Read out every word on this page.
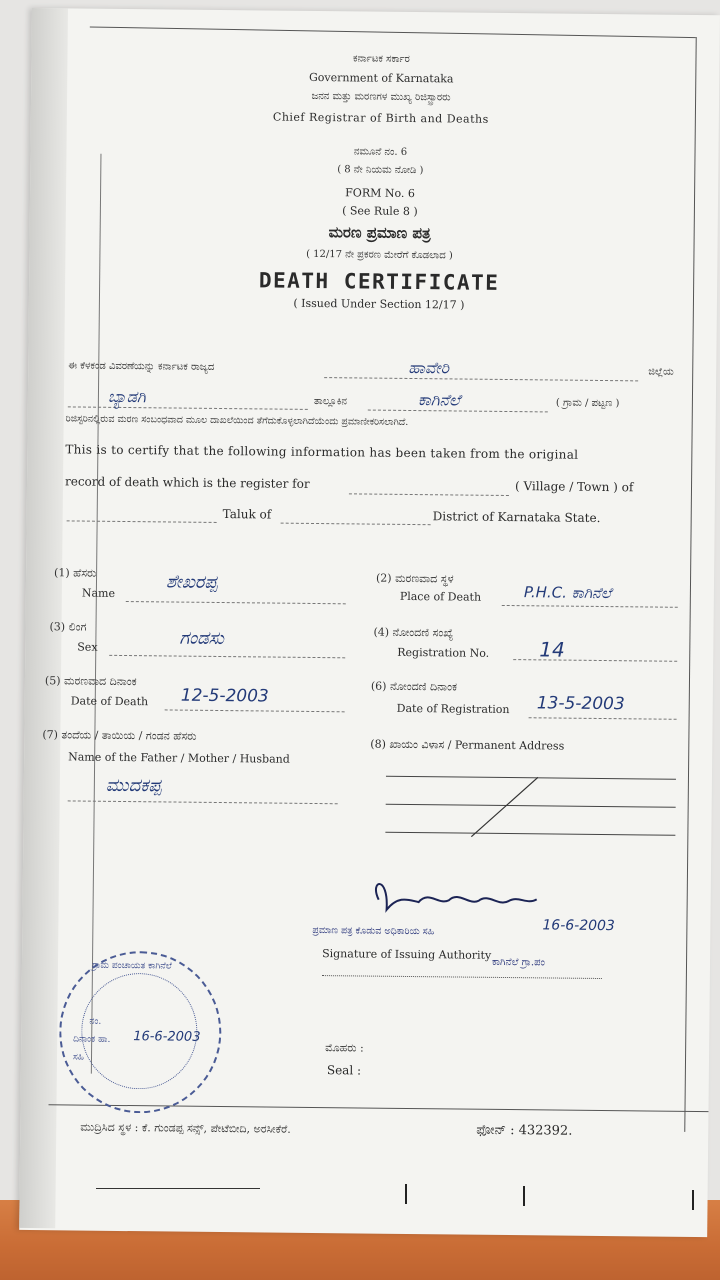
ಕರ್ನಾಟಕ ಸರ್ಕಾರ
Government of Karnataka
ಜನನ ಮತ್ತು ಮರಣಗಳ ಮುಖ್ಯ ರಿಜಿಸ್ಟ್ರಾರರು
Chief Registrar of Birth and Deaths
ನಮೂನೆ ನಂ. 6
( 8 ನೇ ನಿಯಮ ನೋಡಿ )
FORM No. 6
( See Rule 8 )
ಮರಣ ಪ್ರಮಾಣ ಪತ್ರ
( 12/17 ನೇ ಪ್ರಕರಣ ಮೇರೆಗೆ ಕೊಡಲಾದ )
DEATH CERTIFICATE
( Issued Under Section 12/17 )
ಈ ಕೆಳಕಂಡ ವಿವರಣೆಯನ್ನು ಕರ್ನಾಟಕ ರಾಜ್ಯದ	ಹಾವೇರಿ	ಜಿಲ್ಲೆಯ
ಬ್ಯಾಡಗಿ	ತಾಲ್ಲೂಕಿನ	ಕಾಗಿನೆಲೆ	( ಗ್ರಾಮ / ಪಟ್ಟಣ )
ರಿಜಿಸ್ಟರಿನಲ್ಲಿರುವ ಮರಣ ಸಂಬಂಧವಾದ ಮೂಲ ದಾಖಲೆಯಿಂದ ತೆಗೆದುಕೊಳ್ಳಲಾಗಿದೆಯೆಂದು ಪ್ರಮಾಣೀಕರಿಸಲಾಗಿದೆ.
This is to certify that the following information has been taken from the original
record of death which is the register for	( Village / Town ) of
Taluk of	District of Karnataka State.
(1) ಹೆಸರು
Name
ಶೇಖರಪ್ಪ
(3) ಲಿಂಗ
Sex	ಗಂಡಸು
(5) ಮರಣವಾದ ದಿನಾಂಕ
Date of Death 12-5-2003
(7) ತಂದೆಯ / ತಾಯಿಯ / ಗಂಡನ ಹೆಸರು
Name of the Father / Mother / Husband
ಮುದಕಪ್ಪ
(2) ಮರಣವಾದ ಸ್ಥಳ
Place of Death	P.H.C. ಕಾಗಿನೆಲೆ
(4) ನೋಂದಣಿ ಸಂಖ್ಯೆ
Registration No. 14
(6) ನೋಂದಣಿ ದಿನಾಂಕ
Date of Registration 13-5-2003
(8) ಖಾಯಂ ವಿಳಾಸ / Permanent Address
ಪ್ರಮಾಣ ಪತ್ರ ಕೊಡುವ ಅಧಿಕಾರಿಯ ಸಹಿ	16-6-2003
Signature of Issuing Authority
ಕಾಗಿನೆಲೆ ಗ್ರಾ.ಪಂ
ಮೊಹರು :
Seal :
ಗ್ರಾಮ ಪಂಚಾಯತ ಕಾಗಿನೆಲೆ
ನಂ.
ದಿನಾಂಕ ಹಾ. 16-6-2003
ಸಹಿ
ಮುದ್ರಿಸಿದ ಸ್ಥಳ : ಕೆ. ಗುಂಡಪ್ಪ ಸನ್ಸ್, ಪೇಟೆಬೀದಿ, ಅರಸೀಕೆರೆ.	ಫೋನ್ : 432392.
